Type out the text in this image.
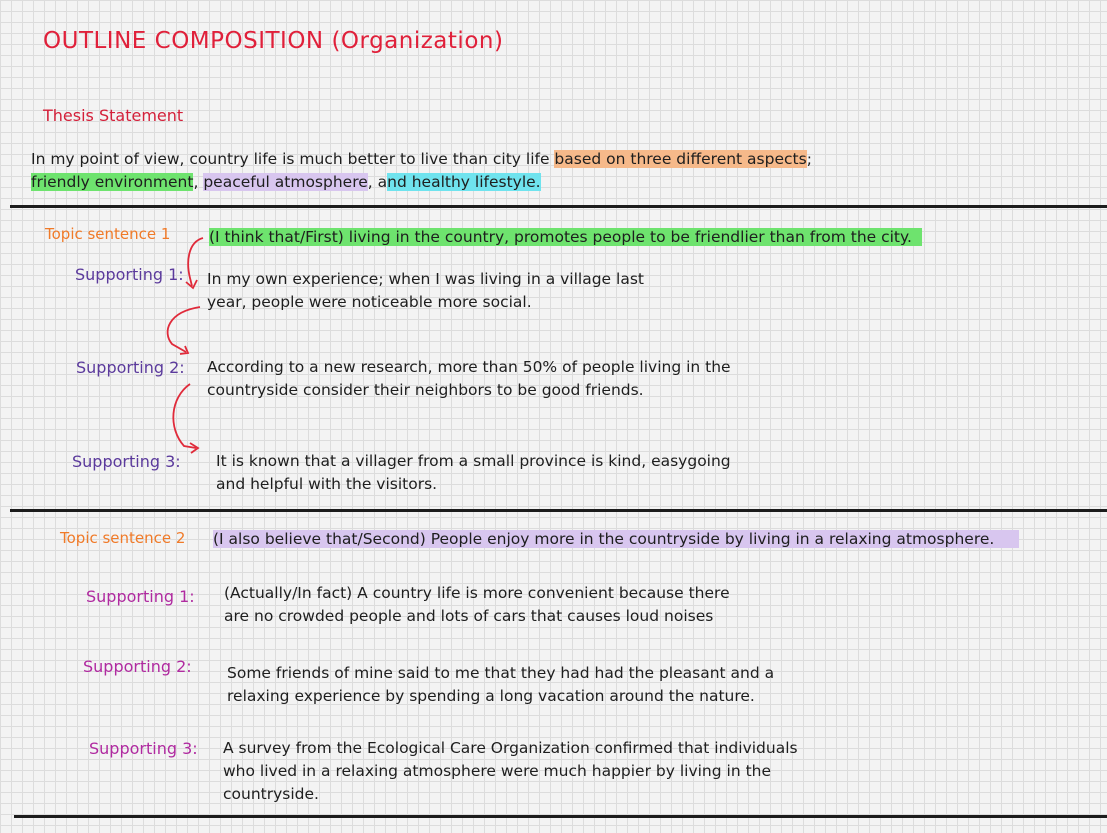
OUTLINE COMPOSITION (Organization)
Thesis Statement
In my point of view, country life is much better to live than city life based on three different aspects;
friendly environment, peaceful atmosphere, and healthy lifestyle.
Topic sentence 1 (I think that/First) living in the country, promotes people to be friendlier than from the city.
Supporting 1: In my own experience; when I was living in a village last
year, people were noticeable more social.
Supporting 2: According to a new research, more than 50% of people living in the
countryside consider their neighbors to be good friends.
Supporting 3: It is known that a villager from a small province is kind, easygoing
and helpful with the visitors.
Topic sentence 2 (I also believe that/Second) People enjoy more in the countryside by living in a relaxing atmosphere.
Supporting 1: (Actually/In fact) A country life is more convenient because there
are no crowded people and lots of cars that causes loud noises
Supporting 2: Some friends of mine said to me that they had had the pleasant and a
relaxing experience by spending a long vacation around the nature.
Supporting 3: A survey from the Ecological Care Organization confirmed that individuals
who lived in a relaxing atmosphere were much happier by living in the
countryside.
